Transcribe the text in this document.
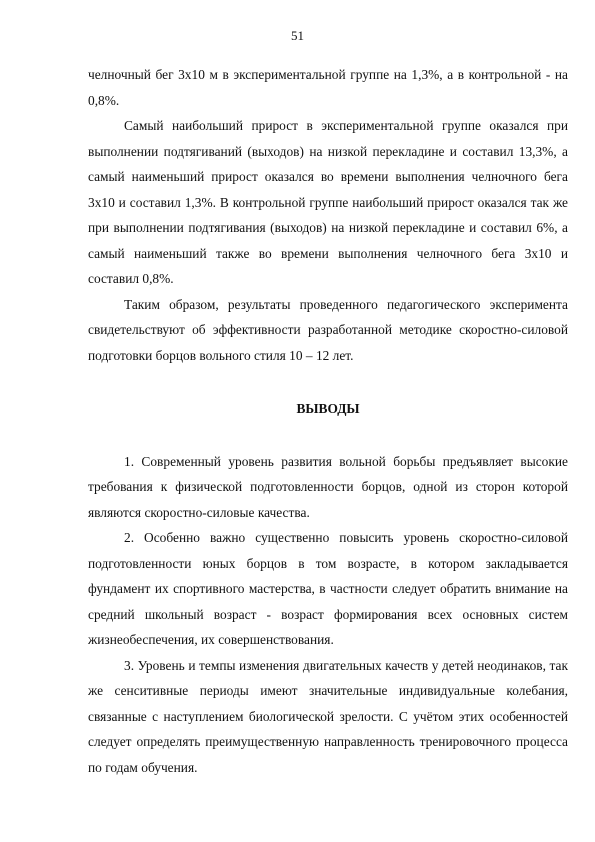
51

челночный бег 3х10 м в экспериментальной группе на 1,3%, а в контрольной - на 0,8%.

Самый наибольший прирост в экспериментальной группе оказался при выполнении подтягиваний (выходов) на низкой перекладине и составил 13,3%, а самый наименьший прирост оказался во времени выполнения челночного бега 3х10 и составил 1,3%. В контрольной группе наибольший прирост оказался так же при выполнении подтягивания (выходов) на низкой перекладине и составил 6%, а самый наименьший также во времени выполнения челночного бега 3х10 и составил 0,8%.

Таким образом, результаты проведенного педагогического эксперимента свидетельствуют об эффективности разработанной методике скоростно-силовой подготовки борцов вольного стиля 10 – 12 лет.

ВЫВОДЫ

1. Современный уровень развития вольной борьбы предъявляет высокие требования к физической подготовленности борцов, одной из сторон которой являются скоростно-силовые качества.

2. Особенно важно существенно повысить уровень скоростно-силовой подготовленности юных борцов в том возрасте, в котором закладывается фундамент их спортивного мастерства, в частности следует обратить внимание на средний школьный возраст - возраст формирования всех основных систем жизнеобеспечения, их совершенствования.

3. Уровень и темпы изменения двигательных качеств у детей неодинаков, так же сенситивные периоды имеют значительные индивидуальные колебания, связанные с наступлением биологической зрелости. С учётом этих особенностей следует определять преимущественную направленность тренировочного процесса по годам обучения.
